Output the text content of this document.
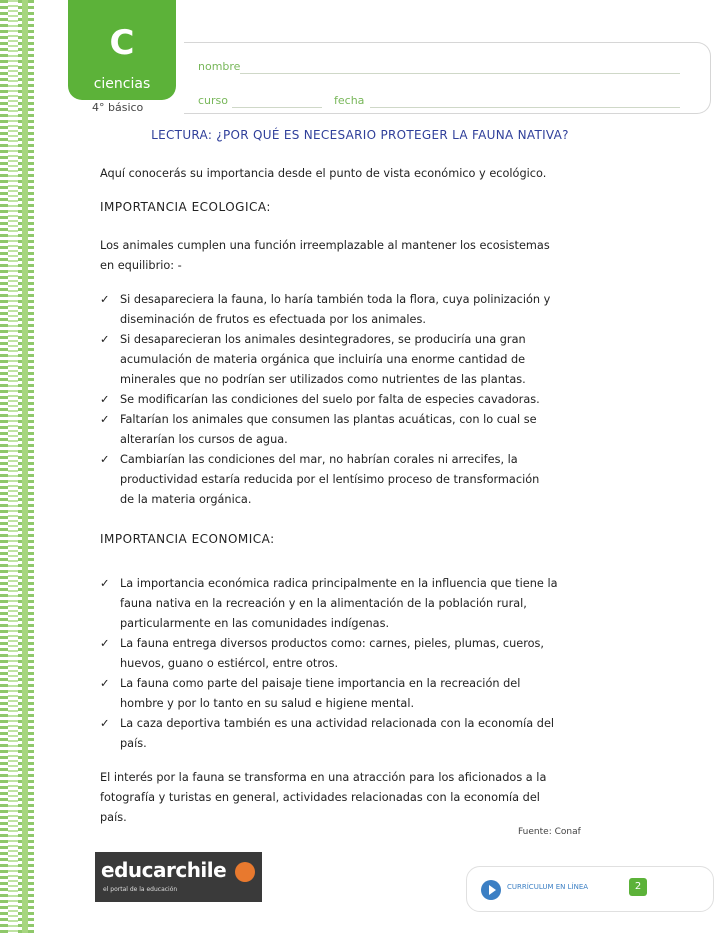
C
ciencias
4° básico
nombre
curso	fecha
LECTURA: ¿POR QUÉ ES NECESARIO PROTEGER LA FAUNA NATIVA?
Aquí conocerás su importancia desde el punto de vista económico y ecológico.
IMPORTANCIA ECOLOGICA:
Los animales cumplen una función irreemplazable al mantener los ecosistemas
en equilibrio: -
✓ Si desapareciera la fauna, lo haría también toda la flora, cuya polinización y
diseminación de frutos es efectuada por los animales.
✓ Si desaparecieran los animales desintegradores, se produciría una gran
acumulación de materia orgánica que incluiría una enorme cantidad de
minerales que no podrían ser utilizados como nutrientes de las plantas.
✓ Se modificarían las condiciones del suelo por falta de especies cavadoras.
✓ Faltarían los animales que consumen las plantas acuáticas, con lo cual se
alterarían los cursos de agua.
✓ Cambiarían las condiciones del mar, no habrían corales ni arrecifes, la
productividad estaría reducida por el lentísimo proceso de transformación
de la materia orgánica.
IMPORTANCIA ECONOMICA:
✓ La importancia económica radica principalmente en la influencia que tiene la
fauna nativa en la recreación y en la alimentación de la población rural,
particularmente en las comunidades indígenas.
✓ La fauna entrega diversos productos como: carnes, pieles, plumas, cueros,
huevos, guano o estiércol, entre otros.
✓ La fauna como parte del paisaje tiene importancia en la recreación del
hombre y por lo tanto en su salud e higiene mental.
✓ La caza deportiva también es una actividad relacionada con la economía del
país.
El interés por la fauna se transforma en una atracción para los aficionados a la
fotografía y turistas en general, actividades relacionadas con la economía del
país.
Fuente: Conaf
educarchile
el portal de la educación	CURRÍCULUM EN LÍNEA	2
